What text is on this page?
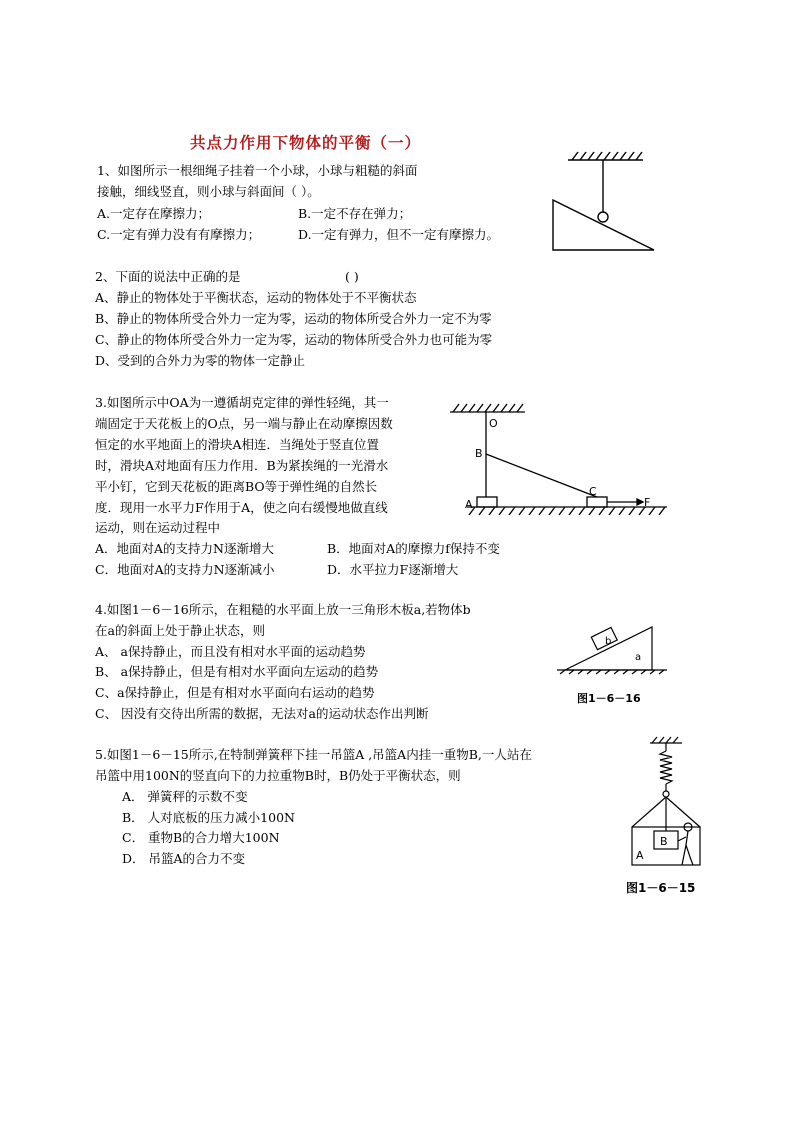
共点力作用下物体的平衡（一）
1、如图所示一根细绳子挂着一个小球，小球与粗糙的斜面
接触，细线竖直，则小球与斜面间（ ）。
A.一定存在摩擦力；	B.一定不存在弹力；
C.一定有弹力没有有摩擦力；	D.一定有弹力，但不一定有摩擦力。
2、下面的说法中正确的是	( )
A、静止的物体处于平衡状态，运动的物体处于不平衡状态
B、静止的物体所受合外力一定为零，运动的物体所受合外力一定不为零
C、静止的物体所受合外力一定为零，运动的物体所受合外力也可能为零
D、受到的合外力为零的物体一定静止
3.如图所示中OA为一遵循胡克定律的弹性轻绳，其一
端固定于天花板上的O点，另一端与静止在动摩擦因数
恒定的水平地面上的滑块A相连．当绳处于竖直位置
时，滑块A对地面有压力作用．B为紧挨绳的一光滑水
平小钉，它到天花板的距离BO等于弹性绳的自然长
度．现用一水平力F作用于A，使之向右缓慢地做直线
运动，则在运动过程中
A．地面对A的支持力N逐渐增大	B．地面对A的摩擦力f保持不变
C．地面对A的支持力N逐渐减小	D．水平拉力F逐渐增大
O
B
A
C
F
4.如图1－6－16所示，在粗糙的水平面上放一三角形木板a,若物体b
在a的斜面上处于静止状态，则
A、 a保持静止，而且没有相对水平面的运动趋势
B、 a保持静止，但是有相对水平面向左运动的趋势
C、a保持静止，但是有相对水平面向右运动的趋势
C、 因没有交待出所需的数据，无法对a的运动状态作出判断
b
a
图1－6－16
5.如图1－6－15所示,在特制弹簧秤下挂一吊篮A ,吊篮A内挂一重物B,一人站在
吊篮中用100N的竖直向下的力拉重物B时，B仍处于平衡状态，则
A． 弹簧秤的示数不变
B． 人对底板的压力减小100N
C． 重物B的合力增大100N
D． 吊篮A的合力不变
B
A
图1－6－15
